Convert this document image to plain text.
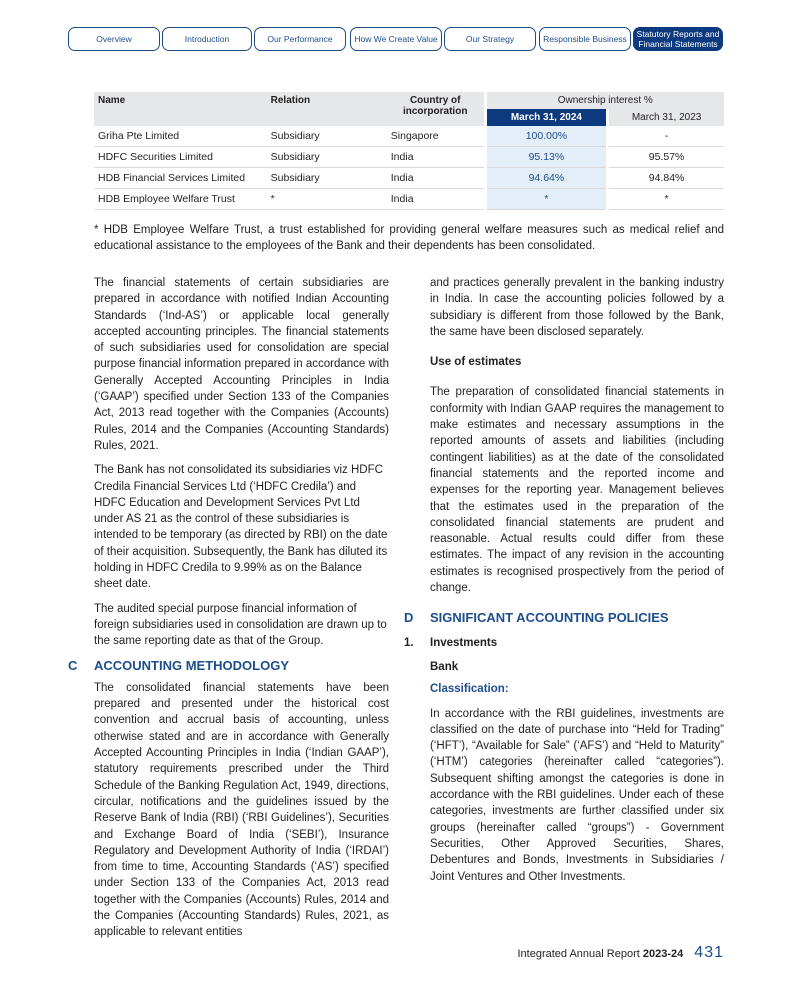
Overview	Introduction	Our Performance	How We Create Value	Our Strategy	Responsible Business	Statutory Reports and Financial Statements
Name	Relation	Country of incorporation		Ownership interest %		
				March 31, 2024		March 31, 2023
Griha Pte Limited	Subsidiary	Singapore		100.00%		-
HDFC Securities Limited	Subsidiary	India		95.13%		95.57%
HDB Financial Services Limited	Subsidiary	India		94.64%		94.84%
HDB Employee Welfare Trust	*	India		*		*
* HDB Employee Welfare Trust, a trust established for providing general welfare measures such as medical relief and educational assistance to the employees of the Bank and their dependents has been consolidated.

The financial statements of certain subsidiaries are prepared in accordance with notified Indian Accounting Standards (‘Ind-AS’) or applicable local generally accepted accounting principles. The financial statements of such subsidiaries used for consolidation are special purpose financial information prepared in accordance with Generally Accepted Accounting Principles in India (‘GAAP’) specified under Section 133 of the Companies Act, 2013 read together with the Companies (Accounts) Rules, 2014 and the Companies (Accounting Standards) Rules, 2021.

The Bank has not consolidated its subsidiaries viz HDFC Credila Financial Services Ltd (‘HDFC Credila’) and HDFC Education and Development Services Pvt Ltd under AS 21 as the control of these subsidiaries is intended to be temporary (as directed by RBI) on the date of their acquisition. Subsequently, the Bank has diluted its holding in HDFC Credila to 9.99% as on the Balance sheet date.

The audited special purpose financial information of foreign subsidiaries used in consolidation are drawn up to the same reporting date as that of the Group.

C ACCOUNTING METHODOLOGY

The consolidated financial statements have been prepared and presented under the historical cost convention and accrual basis of accounting, unless otherwise stated and are in accordance with Generally Accepted Accounting Principles in India (‘Indian GAAP’), statutory requirements prescribed under the Third Schedule of the Banking Regulation Act, 1949, directions, circular, notifications and the guidelines issued by the Reserve Bank of India (RBI) (‘RBI Guidelines’), Securities and Exchange Board of India (‘SEBI’), Insurance Regulatory and Development Authority of India (‘IRDAI’) from time to time, Accounting Standards (‘AS’) specified under Section 133 of the Companies Act, 2013 read together with the Companies (Accounts) Rules, 2014 and the Companies (Accounting Standards) Rules, 2021, as applicable to relevant entities

and practices generally prevalent in the banking industry in India. In case the accounting policies followed by a subsidiary is different from those followed by the Bank, the same have been disclosed separately.

Use of estimates

The preparation of consolidated financial statements in conformity with Indian GAAP requires the management to make estimates and necessary assumptions in the reported amounts of assets and liabilities (including contingent liabilities) as at the date of the consolidated financial statements and the reported income and expenses for the reporting year. Management believes that the estimates used in the preparation of the consolidated financial statements are prudent and reasonable. Actual results could differ from these estimates. The impact of any revision in the accounting estimates is recognised prospectively from the period of change.

D SIGNIFICANT ACCOUNTING POLICIES
1. Investments

Bank

Classification:

In accordance with the RBI guidelines, investments are classified on the date of purchase into “Held for Trading” (‘HFT’), “Available for Sale” (‘AFS’) and “Held to Maturity” (‘HTM’) categories (hereinafter called “categories”). Subsequent shifting amongst the categories is done in accordance with the RBI guidelines. Under each of these categories, investments are further classified under six groups (hereinafter called “groups”) - Government Securities, Other Approved Securities, Shares, Debentures and Bonds, Investments in Subsidiaries / Joint Ventures and Other Investments.

Integrated Annual Report 2023-24 431
